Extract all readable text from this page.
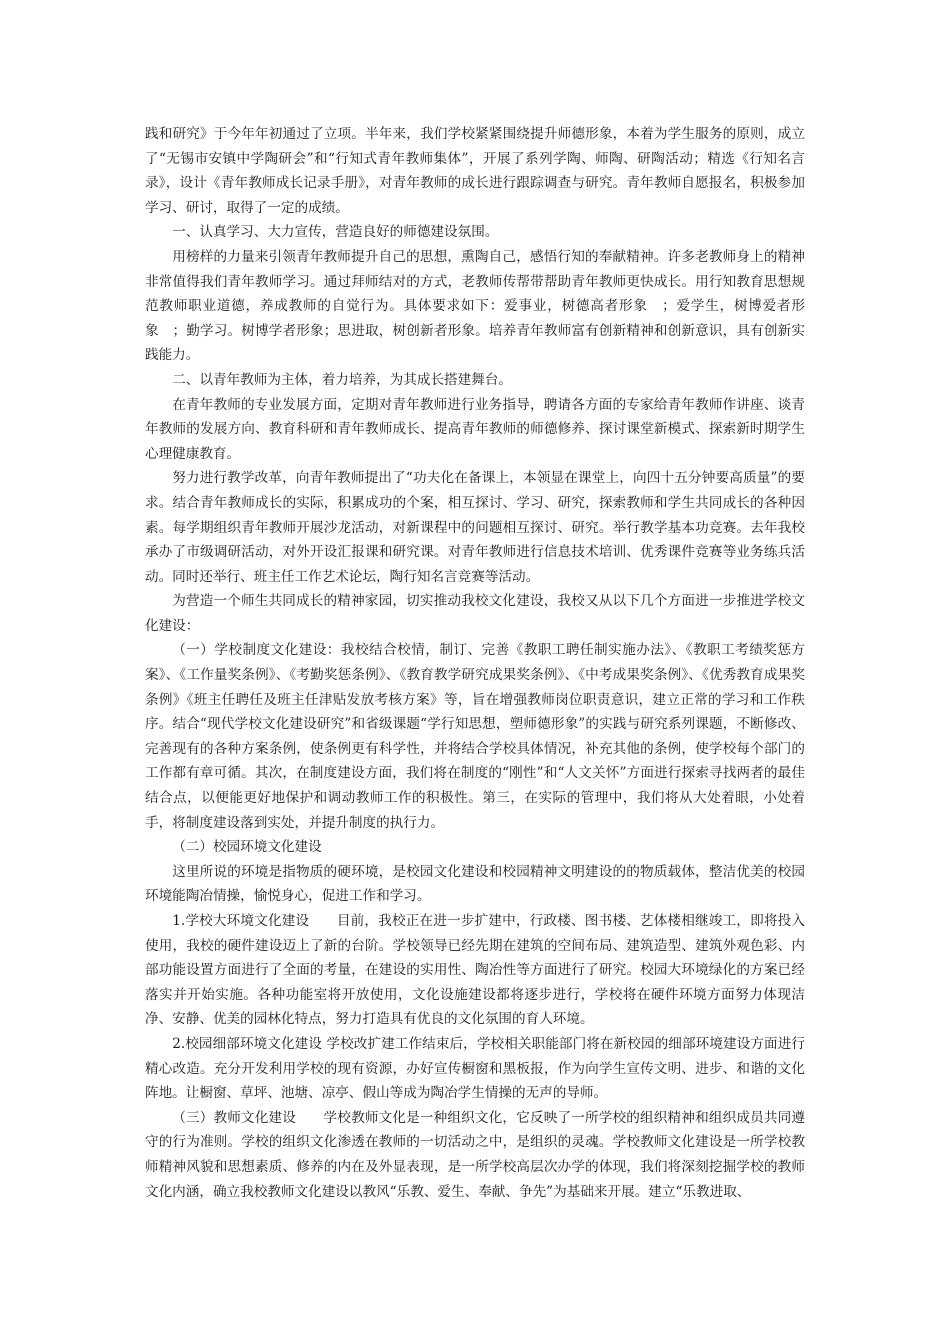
践和研究》于今年年初通过了立项。半年来，我们学校紧紧围绕提升师德形象，本着为学生服务的原则，成立了“无锡市安镇中学陶研会”和“行知式青年教师集体”，开展了系列学陶、师陶、研陶活动；精选《行知名言录》，设计《青年教师成长记录手册》，对青年教师的成长进行跟踪调查与研究。青年教师自愿报名，积极参加学习、研讨，取得了一定的成绩。

一、认真学习、大力宣传，营造良好的师德建设氛围。

用榜样的力量来引领青年教师提升自己的思想，熏陶自己，感悟行知的奉献精神。许多老教师身上的精神非常值得我们青年教师学习。通过拜师结对的方式，老教师传帮带帮助青年教师更快成长。用行知教育思想规范教师职业道德，养成教师的自觉行为。具体要求如下：爱事业，树德高者形象　；爱学生，树博爱者形象　；勤学习。树博学者形象；思进取，树创新者形象。培养青年教师富有创新精神和创新意识，具有创新实践能力。

二、以青年教师为主体，着力培养，为其成长搭建舞台。

在青年教师的专业发展方面，定期对青年教师进行业务指导，聘请各方面的专家给青年教师作讲座、谈青年教师的发展方向、教育科研和青年教师成长、提高青年教师的师德修养、探讨课堂新模式、探索新时期学生心理健康教育。

努力进行教学改革，向青年教师提出了“功夫化在备课上，本领显在课堂上，向四十五分钟要高质量”的要求。结合青年教师成长的实际，积累成功的个案，相互探讨、学习、研究，探索教师和学生共同成长的各种因素。每学期组织青年教师开展沙龙活动，对新课程中的问题相互探讨、研究。举行教学基本功竞赛。去年我校承办了市级调研活动，对外开设汇报课和研究课。对青年教师进行信息技术培训、优秀课件竞赛等业务练兵活动。同时还举行、班主任工作艺术论坛，陶行知名言竞赛等活动。

为营造一个师生共同成长的精神家园，切实推动我校文化建设，我校又从以下几个方面进一步推进学校文化建设：

（一）学校制度文化建设：我校结合校情，制订、完善《教职工聘任制实施办法》、《教职工考绩奖惩方案》、《工作量奖条例》、《考勤奖惩条例》、《教育教学研究成果奖条例》、《中考成果奖条例》、《优秀教育成果奖条例》《班主任聘任及班主任津贴发放考核方案》等，旨在增强教师岗位职责意识，建立正常的学习和工作秩序。结合“现代学校文化建设研究”和省级课题“学行知思想，塑师德形象”的实践与研究系列课题，不断修改、完善现有的各种方案条例，使条例更有科学性，并将结合学校具体情况，补充其他的条例，使学校每个部门的工作都有章可循。其次，在制度建设方面，我们将在制度的“刚性”和“人文关怀”方面进行探索寻找两者的最佳结合点，以便能更好地保护和调动教师工作的积极性。第三，在实际的管理中，我们将从大处着眼，小处着手，将制度建设落到实处，并提升制度的执行力。

（二）校园环境文化建设

这里所说的环境是指物质的硬环境，是校园文化建设和校园精神文明建设的的物质载体，整洁优美的校园环境能陶冶情操，愉悦身心，促进工作和学习。

1.学校大环境文化建设　　目前，我校正在进一步扩建中，行政楼、图书楼、艺体楼相继竣工，即将投入使用，我校的硬件建设迈上了新的台阶。学校领导已经先期在建筑的空间布局、建筑造型、建筑外观色彩、内部功能设置方面进行了全面的考量，在建设的实用性、陶冶性等方面进行了研究。校园大环境绿化的方案已经落实并开始实施。各种功能室将开放使用，文化设施建设都将逐步进行，学校将在硬件环境方面努力体现洁净、安静、优美的园林化特点，努力打造具有优良的文化氛围的育人环境。

2.校园细部环境文化建设 学校改扩建工作结束后，学校相关职能部门将在新校园的细部环境建设方面进行精心改造。充分开发利用学校的现有资源，办好宣传橱窗和黑板报，作为向学生宣传文明、进步、和谐的文化阵地。让橱窗、草坪、池塘、凉亭、假山等成为陶冶学生情操的无声的导师。

（三）教师文化建设　　学校教师文化是一种组织文化，它反映了一所学校的组织精神和组织成员共同遵守的行为准则。学校的组织文化渗透在教师的一切活动之中，是组织的灵魂。学校教师文化建设是一所学校教师精神风貌和思想素质、修养的内在及外显表现，是一所学校高层次办学的体现，我们将深刻挖掘学校的教师文化内涵，确立我校教师文化建设以教风“乐教、爱生、奉献、争先”为基础来开展。建立“乐教进取、
